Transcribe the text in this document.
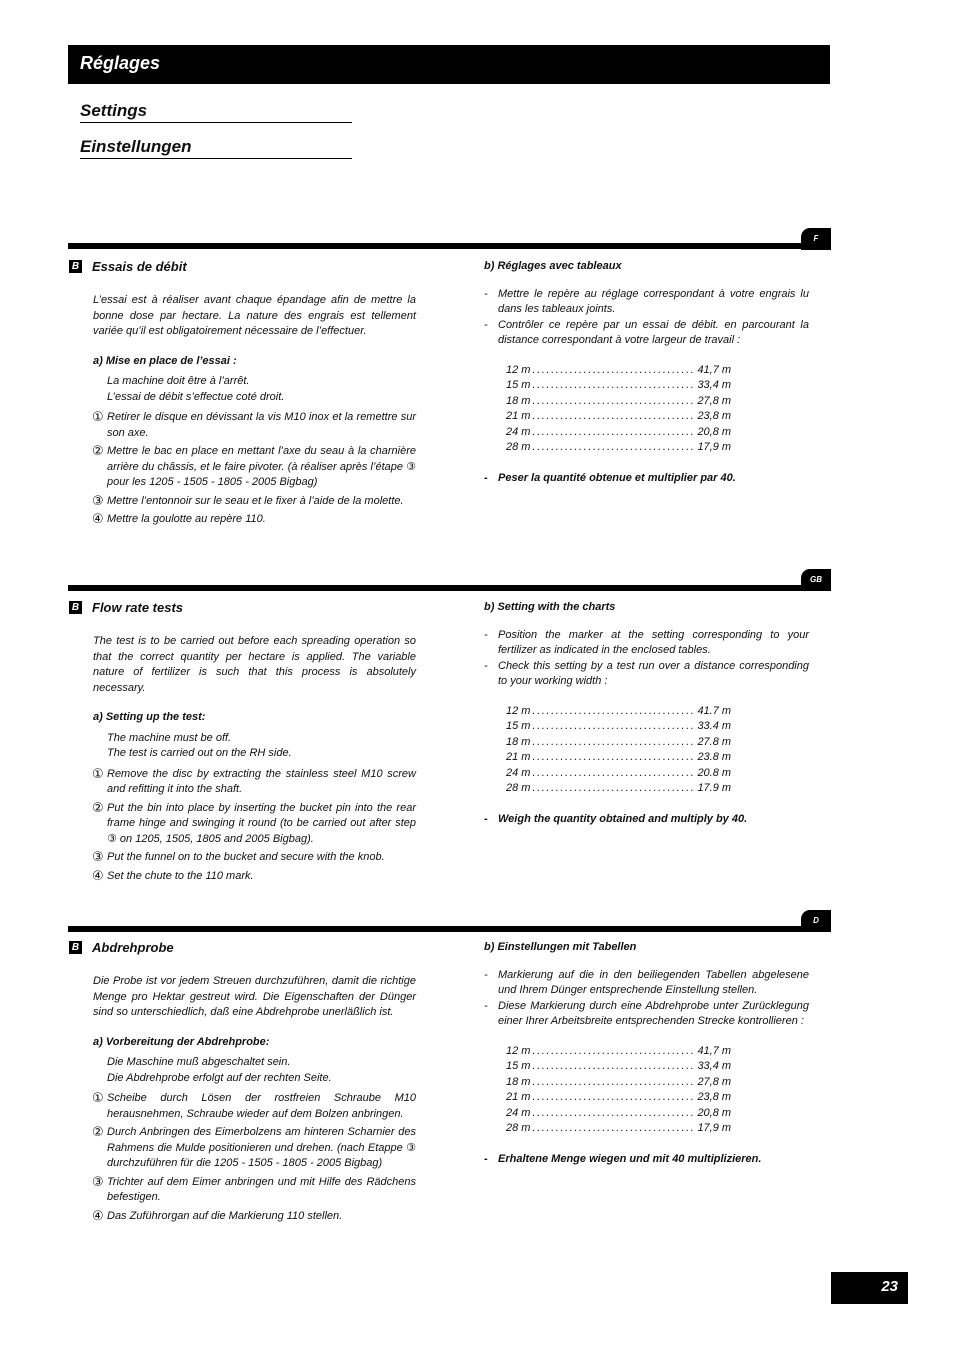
Réglages
Settings
Einstellungen
F
GB
D
B Essais de débit
L’essai est à réaliser avant chaque épandage afin de mettre la bonne dose par hectare. La nature des engrais est tellement variée qu’il est obligatoirement nécessaire de l’effectuer.
a) Mise en place de l’essai :
La machine doit être à l’arrêt.
L’essai de débit s’effectue coté droit.
① Retirer le disque en dévissant la vis M10 inox et la remettre sur son axe.
② Mettre le bac en place en mettant l’axe du seau à la charnière arrière du châssis, et le faire pivoter. (à réaliser après l’étape ③ pour les 1205 - 1505 - 1805 - 2005 Bigbag)
③ Mettre l’entonnoir sur le seau et le fixer à l’aide de la molette.
④ Mettre la goulotte au repère 110.
b) Réglages avec tableaux
- Mettre le repère au réglage correspondant à votre engrais lu dans les tableaux joints.
- Contrôler ce repère par un essai de débit. en parcourant la distance correspondant à votre largeur de travail :
12 m ................................... 41,7 m
15 m ................................... 33,4 m
18 m ................................... 27,8 m
21 m ................................... 23,8 m
24 m ................................... 20,8 m
28 m ................................... 17,9 m
- Peser la quantité obtenue et multiplier par 40.
B Flow rate tests
The test is to be carried out before each spreading operation so that the correct quantity per hectare is applied. The variable nature of fertilizer is such that this process is absolutely necessary.
a) Setting up the test:
The machine must be off.
The test is carried out on the RH side.
① Remove the disc by extracting the stainless steel M10 screw and refitting it into the shaft.
② Put the bin into place by inserting the bucket pin into the rear frame hinge and swinging it round (to be carried out after step ③ on 1205, 1505, 1805 and 2005 Bigbag).
③ Put the funnel on to the bucket and secure with the knob.
④ Set the chute to the 110 mark.
b) Setting with the charts
- Position the marker at the setting corresponding to your fertilizer as indicated in the enclosed tables.
- Check this setting by a test run over a distance corresponding to your working width :
12 m ................................... 41.7 m
15 m ................................... 33.4 m
18 m ................................... 27.8 m
21 m ................................... 23.8 m
24 m ................................... 20.8 m
28 m ................................... 17.9 m
- Weigh the quantity obtained and multiply by 40.
B Abdrehprobe
Die Probe ist vor jedem Streuen durchzuführen, damit die richtige Menge pro Hektar gestreut wird. Die Eigenschaften der Dünger sind so unterschiedlich, daß eine Abdrehprobe unerläßlich ist.
a) Vorbereitung der Abdrehprobe:
Die Maschine muß abgeschaltet sein.
Die Abdrehprobe erfolgt auf der rechten Seite.
① Scheibe durch Lösen der rostfreien Schraube M10 herausnehmen, Schraube wieder auf dem Bolzen anbringen.
② Durch Anbringen des Eimerbolzens am hinteren Scharnier des Rahmens die Mulde positionieren und drehen. (nach Etappe ③ durchzuführen für die 1205 - 1505 - 1805 - 2005 Bigbag)
③ Trichter auf dem Eimer anbringen und mit Hilfe des Rädchens befestigen.
④ Das Zuführorgan auf die Markierung 110 stellen.
b) Einstellungen mit Tabellen
- Markierung auf die in den beiliegenden Tabellen abgelesene und Ihrem Dünger entsprechende Einstellung stellen.
- Diese Markierung durch eine Abdrehprobe unter Zurücklegung einer Ihrer Arbeitsbreite entsprechenden Strecke kontrollieren :
12 m ................................... 41,7 m
15 m ................................... 33,4 m
18 m ................................... 27,8 m
21 m ................................... 23,8 m
24 m ................................... 20,8 m
28 m ................................... 17,9 m
- Erhaltene Menge wiegen und mit 40 multiplizieren.
23
